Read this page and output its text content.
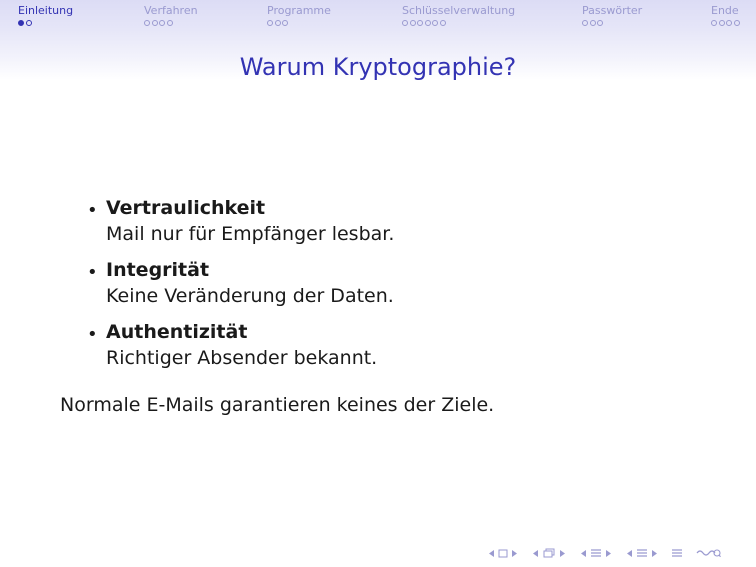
Einleitung	Verfahren	Programme	Schlüsselverwaltung	Passwörter	Ende
Warum Kryptographie?
• Vertraulichkeit
Mail nur für Empfänger lesbar.
• Integrität
Keine Veränderung der Daten.
• Authentizität
Richtiger Absender bekannt.
Normale E-Mails garantieren keines der Ziele.
